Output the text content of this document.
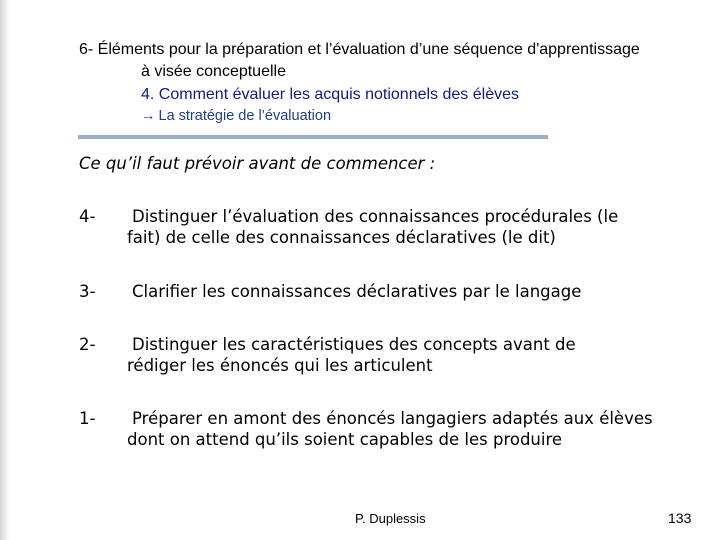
6- Éléments pour la préparation et l’évaluation d’une séquence d'apprentissage
à visée conceptuelle
4. Comment évaluer les acquis notionnels des élèves
→ La stratégie de l’évaluation
Ce qu’il faut prévoir avant de commencer :
4-	Distinguer l’évaluation des connaissances procédurales (le
fait) de celle des connaissances déclaratives (le dit)
3-	Clarifier les connaissances déclaratives par le langage
2-	Distinguer les caractéristiques des concepts avant de
rédiger les énoncés qui les articulent
1-	Préparer en amont des énoncés langagiers adaptés aux élèves
dont on attend qu’ils soient capables de les produire
P. Duplessis	133
